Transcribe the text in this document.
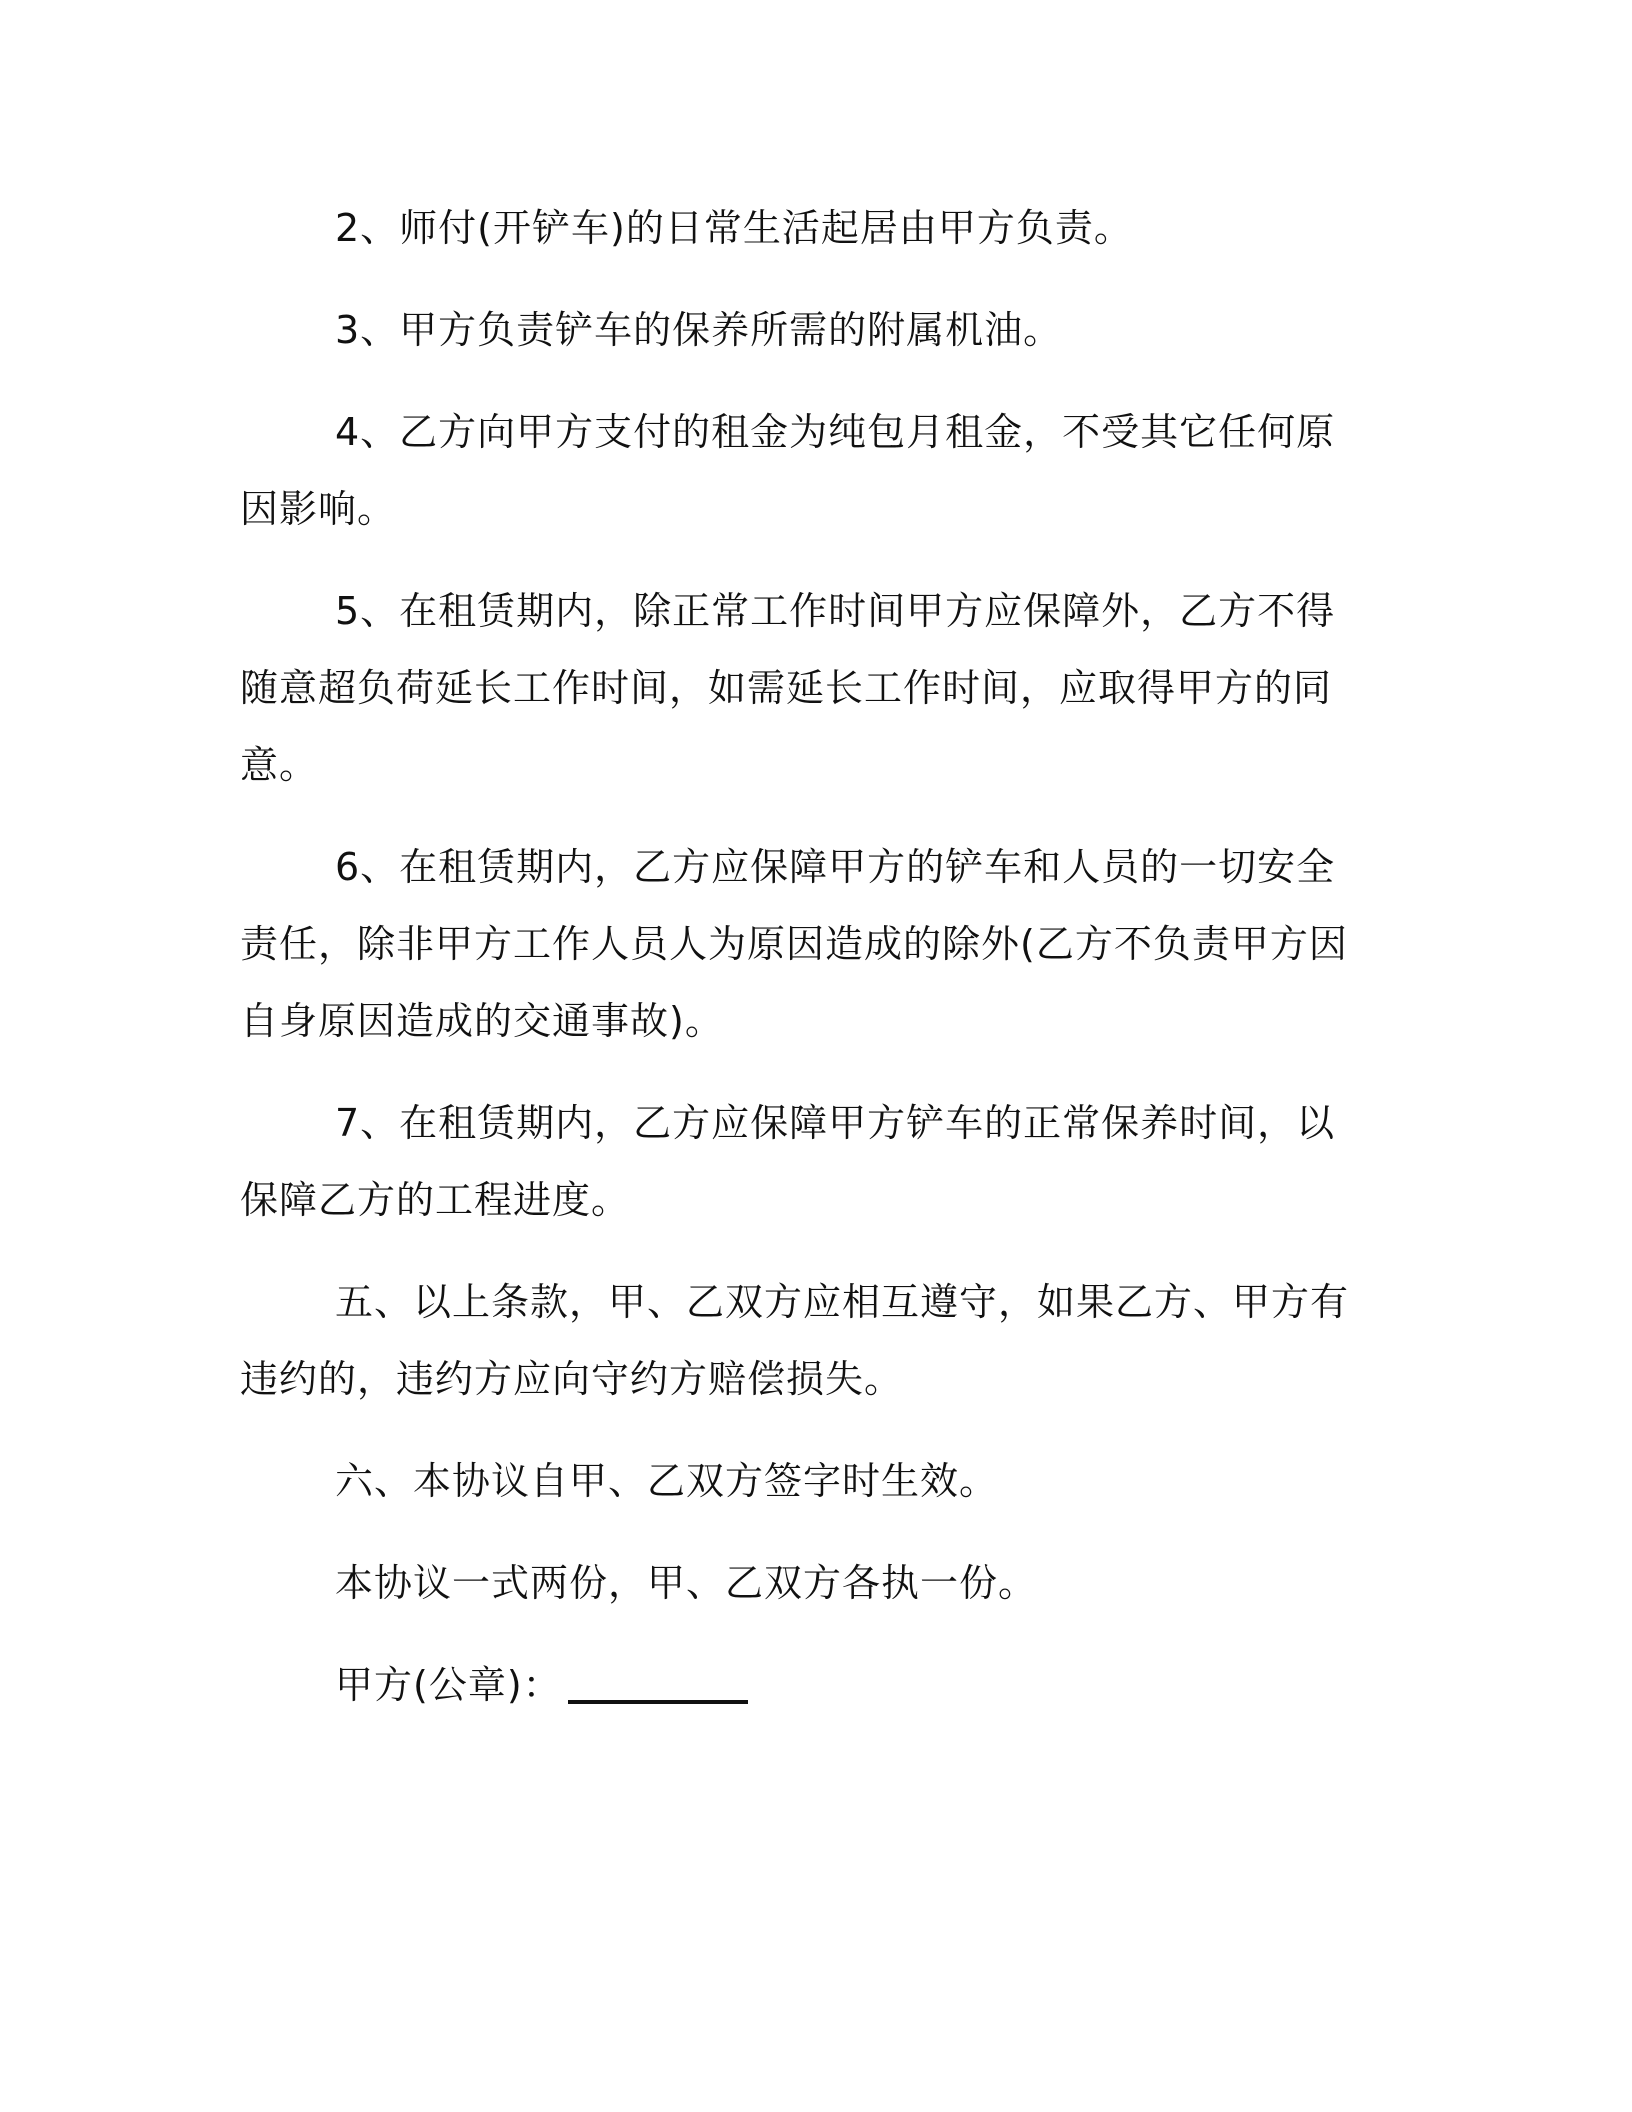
2、师付(开铲车)的日常生活起居由甲方负责。

3、甲方负责铲车的保养所需的附属机油。

4、乙方向甲方支付的租金为纯包月租金，不受其它任何原因影响。

5、在租赁期内，除正常工作时间甲方应保障外，乙方不得随意超负荷延长工作时间，如需延长工作时间，应取得甲方的同意。

6、在租赁期内，乙方应保障甲方的铲车和人员的一切安全责任，除非甲方工作人员人为原因造成的除外(乙方不负责甲方因自身原因造成的交通事故)。

7、在租赁期内，乙方应保障甲方铲车的正常保养时间，以保障乙方的工程进度。

五、以上条款，甲、乙双方应相互遵守，如果乙方、甲方有违约的，违约方应向守约方赔偿损失。

六、本协议自甲、乙双方签字时生效。

本协议一式两份，甲、乙双方各执一份。

甲方(公章)：
